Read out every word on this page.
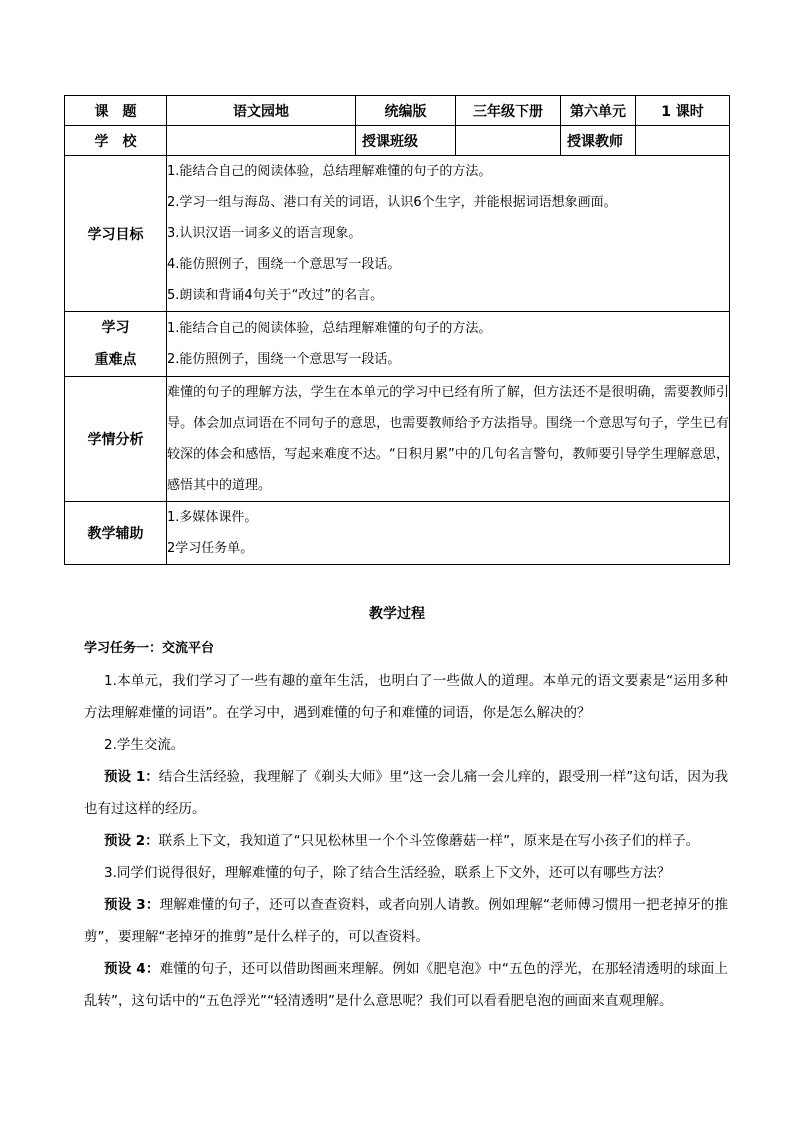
课　题	语文园地	统编版	三年级下册	第六单元	1 课时
学　校		授课班级		授课教师	
学习目标	1.能结合自己的阅读体验，总结理解难懂的句子的方法。
2.学习一组与海岛、港口有关的词语，认识6个生字，并能根据词语想象画面。
3.认识汉语一词多义的语言现象。
4.能仿照例子，围绕一个意思写一段话。
5.朗读和背诵4句关于“改过”的名言。				

学习
重难点	1.能结合自己的阅读体验，总结理解难懂的句子的方法。
2.能仿照例子，围绕一个意思写一段话。				

学情分析	难懂的句子的理解方法，学生在本单元的学习中已经有所了解，但方法还不是很明确，需要教师引导。体会加点词语在不同句子的意思，也需要教师给予方法指导。围绕一个意思写句子，学生已有较深的体会和感悟，写起来难度不达。“日积月累”中的几句名言警句，教师要引导学生理解意思，感悟其中的道理。				
教学辅助	1.多媒体课件。
2学习任务单。				
教学过程

学习任务一：交流平台

1.本单元，我们学习了一些有趣的童年生活，也明白了一些做人的道理。本单元的语文要素是“运用多种方法理解难懂的词语”。在学习中，遇到难懂的句子和难懂的词语，你是怎么解决的？

2.学生交流。

预设 1：结合生活经验，我理解了《剃头大师》里“这一会儿痛一会儿痒的，跟受刑一样”这句话，因为我也有过这样的经历。

预设 2：联系上下文，我知道了“只见松林里一个个斗笠像蘑菇一样”，原来是在写小孩子们的样子。

3.同学们说得很好，理解难懂的句子，除了结合生活经验，联系上下文外，还可以有哪些方法？

预设 3：理解难懂的句子，还可以查查资料，或者向别人请教。例如理解“老师傅习惯用一把老掉牙的推剪”，要理解“老掉牙的推剪”是什么样子的，可以查资料。

预设 4：难懂的句子，还可以借助图画来理解。例如《肥皂泡》中“五色的浮光，在那轻清透明的球面上乱转”，这句话中的“五色浮光”“轻清透明”是什么意思呢？我们可以看看肥皂泡的画面来直观理解。
